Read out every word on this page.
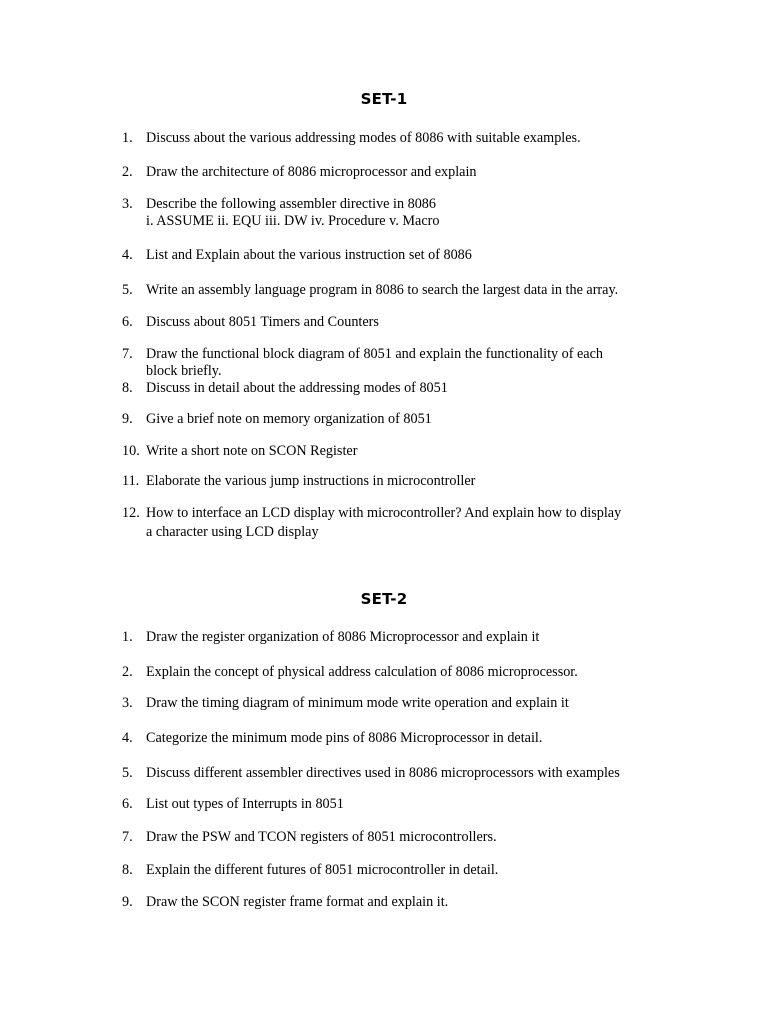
SET-1
1. Discuss about the various addressing modes of 8086 with suitable examples.
2. Draw the architecture of 8086 microprocessor and explain
3. Describe the following assembler directive in 8086
i. ASSUME ii. EQU iii. DW iv. Procedure v. Macro
4. List and Explain about the various instruction set of 8086
5. Write an assembly language program in 8086 to search the largest data in the array.
6. Discuss about 8051 Timers and Counters
7. Draw the functional block diagram of 8051 and explain the functionality of each
block briefly.
8. Discuss in detail about the addressing modes of 8051
9. Give a brief note on memory organization of 8051
10. Write a short note on SCON Register
11. Elaborate the various jump instructions in microcontroller
12. How to interface an LCD display with microcontroller? And explain how to display
a character using LCD display
SET-2
1. Draw the register organization of 8086 Microprocessor and explain it
2. Explain the concept of physical address calculation of 8086 microprocessor.
3. Draw the timing diagram of minimum mode write operation and explain it
4. Categorize the minimum mode pins of 8086 Microprocessor in detail.
5. Discuss different assembler directives used in 8086 microprocessors with examples
6. List out types of Interrupts in 8051
7. Draw the PSW and TCON registers of 8051 microcontrollers.
8. Explain the different futures of 8051 microcontroller in detail.
9. Draw the SCON register frame format and explain it.
